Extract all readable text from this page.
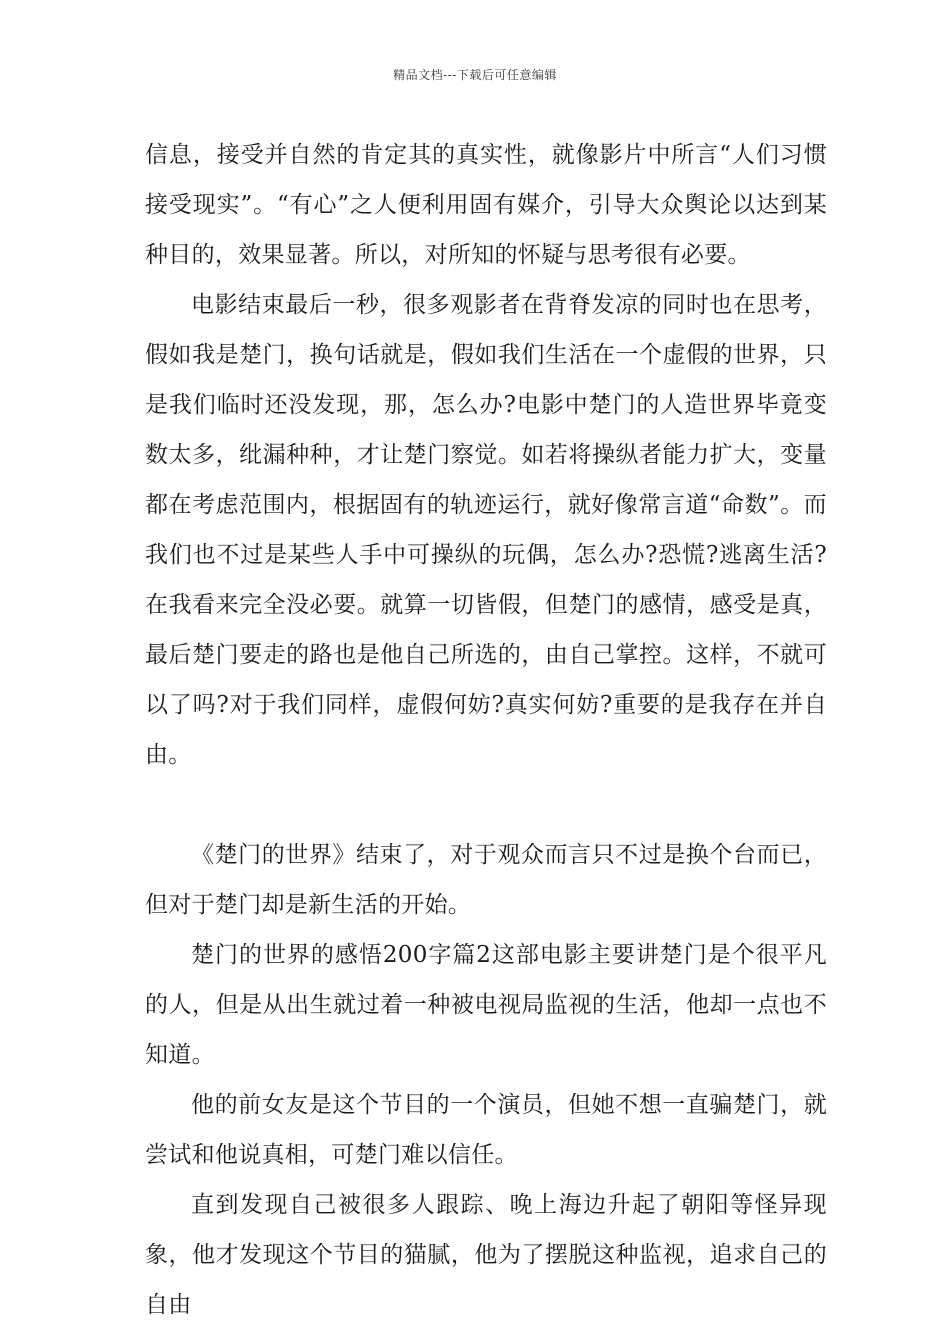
精品文档---下载后可任意编辑

信息，接受并自然的肯定其的真实性，就像影片中所言“人们习惯接受现实”。“有心”之人便利用固有媒介，引导大众舆论以达到某种目的，效果显著。所以，对所知的怀疑与思考很有必要。

电影结束最后一秒，很多观影者在背脊发凉的同时也在思考，假如我是楚门，换句话就是，假如我们生活在一个虚假的世界，只是我们临时还没发现，那，怎么办?电影中楚门的人造世界毕竟变数太多，纰漏种种，才让楚门察觉。如若将操纵者能力扩大，变量都在考虑范围内，根据固有的轨迹运行，就好像常言道“命数”。而我们也不过是某些人手中可操纵的玩偶，怎么办?恐慌?逃离生活?在我看来完全没必要。就算一切皆假，但楚门的感情，感受是真，最后楚门要走的路也是他自己所选的，由自己掌控。这样，不就可以了吗?对于我们同样，虚假何妨?真实何妨?重要的是我存在并自由。

《楚门的世界》结束了，对于观众而言只不过是换个台而已，但对于楚门却是新生活的开始。

楚门的世界的感悟200字篇2这部电影主要讲楚门是个很平凡的人，但是从出生就过着一种被电视局监视的生活，他却一点也不知道。

他的前女友是这个节目的一个演员，但她不想一直骗楚门，就尝试和他说真相，可楚门难以信任。

直到发现自己被很多人跟踪、晚上海边升起了朝阳等怪异现象，他才发现这个节目的猫腻，他为了摆脱这种监视，追求自己的自由
